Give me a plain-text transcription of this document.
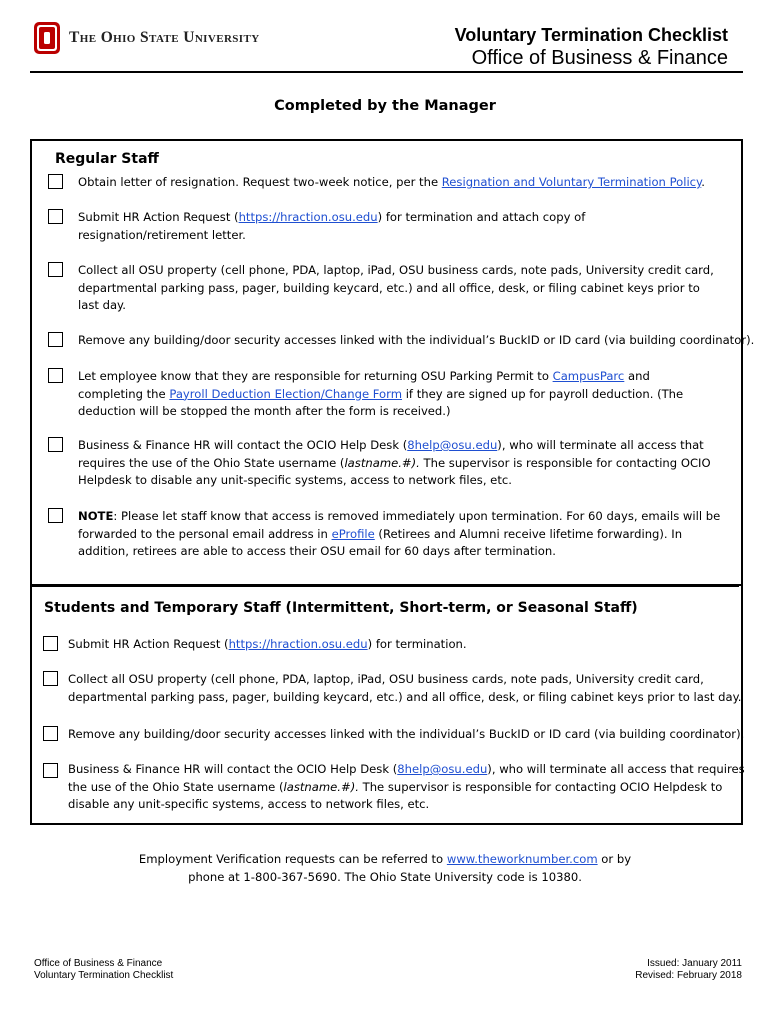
The Ohio State University	Voluntary Termination Checklist
Office of Business & Finance
Completed by the Manager
Regular Staff
Obtain letter of resignation. Request two-week notice, per the Resignation and Voluntary Termination Policy.
Submit HR Action Request (https://hraction.osu.edu) for termination and attach copy of
resignation/retirement letter.
Collect all OSU property (cell phone, PDA, laptop, iPad, OSU business cards, note pads, University credit card,
departmental parking pass, pager, building keycard, etc.) and all office, desk, or filing cabinet keys prior to
last day.
Remove any building/door security accesses linked with the individual’s BuckID or ID card (via building coordinator).
Let employee know that they are responsible for returning OSU Parking Permit to CampusParc and
completing the Payroll Deduction Election/Change Form if they are signed up for payroll deduction. (The
deduction will be stopped the month after the form is received.)
Business & Finance HR will contact the OCIO Help Desk (8help@osu.edu), who will terminate all access that
requires the use of the Ohio State username (lastname.#). The supervisor is responsible for contacting OCIO
Helpdesk to disable any unit-specific systems, access to network files, etc.
NOTE: Please let staff know that access is removed immediately upon termination. For 60 days, emails will be
forwarded to the personal email address in eProfile (Retirees and Alumni receive lifetime forwarding). In
addition, retirees are able to access their OSU email for 60 days after termination.
Students and Temporary Staff (Intermittent, Short-term, or Seasonal Staff)
Submit HR Action Request (https://hraction.osu.edu) for termination.
Collect all OSU property (cell phone, PDA, laptop, iPad, OSU business cards, note pads, University credit card,
departmental parking pass, pager, building keycard, etc.) and all office, desk, or filing cabinet keys prior to last day.
Remove any building/door security accesses linked with the individual’s BuckID or ID card (via building coordinator).
Business & Finance HR will contact the OCIO Help Desk (8help@osu.edu), who will terminate all access that requires
the use of the Ohio State username (lastname.#). The supervisor is responsible for contacting OCIO Helpdesk to
disable any unit-specific systems, access to network files, etc.
Employment Verification requests can be referred to www.theworknumber.com or by
phone at 1-800-367-5690. The Ohio State University code is 10380.
Office of Business & Finance
Voluntary Termination Checklist
Issued: January 2011
Revised: February 2018
